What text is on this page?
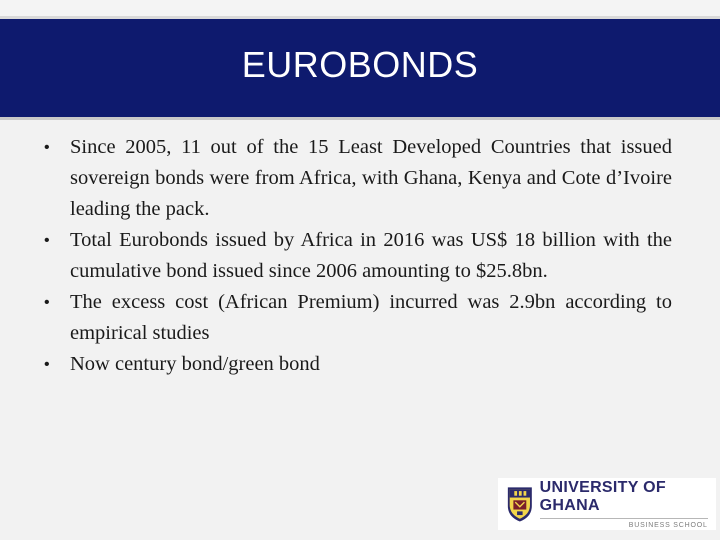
EUROBONDS
• Since 2005, 11 out of the 15 Least Developed Countries that issued sovereign bonds were from Africa, with Ghana, Kenya and Cote d’Ivoire leading the pack.
• Total Eurobonds issued by Africa in 2016 was US$ 18 billion with the cumulative bond issued since 2006 amounting to $25.8bn.
• The excess cost (African Premium) incurred was 2.9bn according to empirical studies
• Now century bond/green bond
UNIVERSITY OF GHANA
BUSINESS SCHOOL
